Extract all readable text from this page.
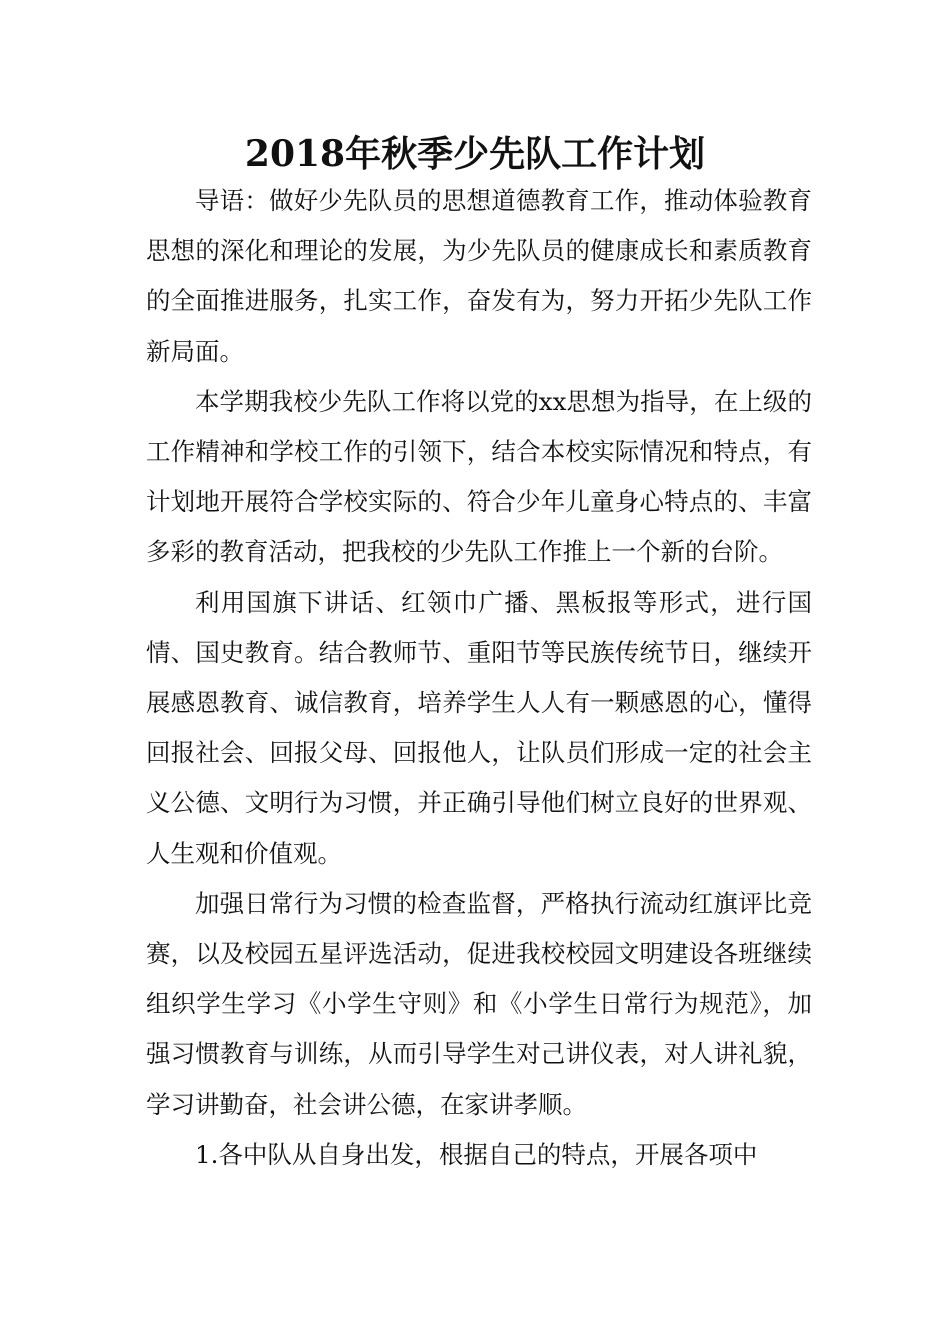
2018年秋季少先队工作计划

导语：做好少先队员的思想道德教育工作，推动体验教育思想的深化和理论的发展，为少先队员的健康成长和素质教育的全面推进服务，扎实工作，奋发有为，努力开拓少先队工作新局面。

本学期我校少先队工作将以党的xx思想为指导，在上级的工作精神和学校工作的引领下，结合本校实际情况和特点，有计划地开展符合学校实际的、符合少年儿童身心特点的、丰富多彩的教育活动，把我校的少先队工作推上一个新的台阶。

利用国旗下讲话、红领巾广播、黑板报等形式，进行国情、国史教育。结合教师节、重阳节等民族传统节日，继续开展感恩教育、诚信教育，培养学生人人有一颗感恩的心，懂得回报社会、回报父母、回报他人，让队员们形成一定的社会主义公德、文明行为习惯，并正确引导他们树立良好的世界观、人生观和价值观。

加强日常行为习惯的检查监督，严格执行流动红旗评比竞赛，以及校园五星评选活动，促进我校校园文明建设各班继续组织学生学习《小学生守则》和《小学生日常行为规范》，加强习惯教育与训练，从而引导学生对己讲仪表，对人讲礼貌，学习讲勤奋，社会讲公德，在家讲孝顺。

1.各中队从自身出发，根据自己的特点，开展各项中
